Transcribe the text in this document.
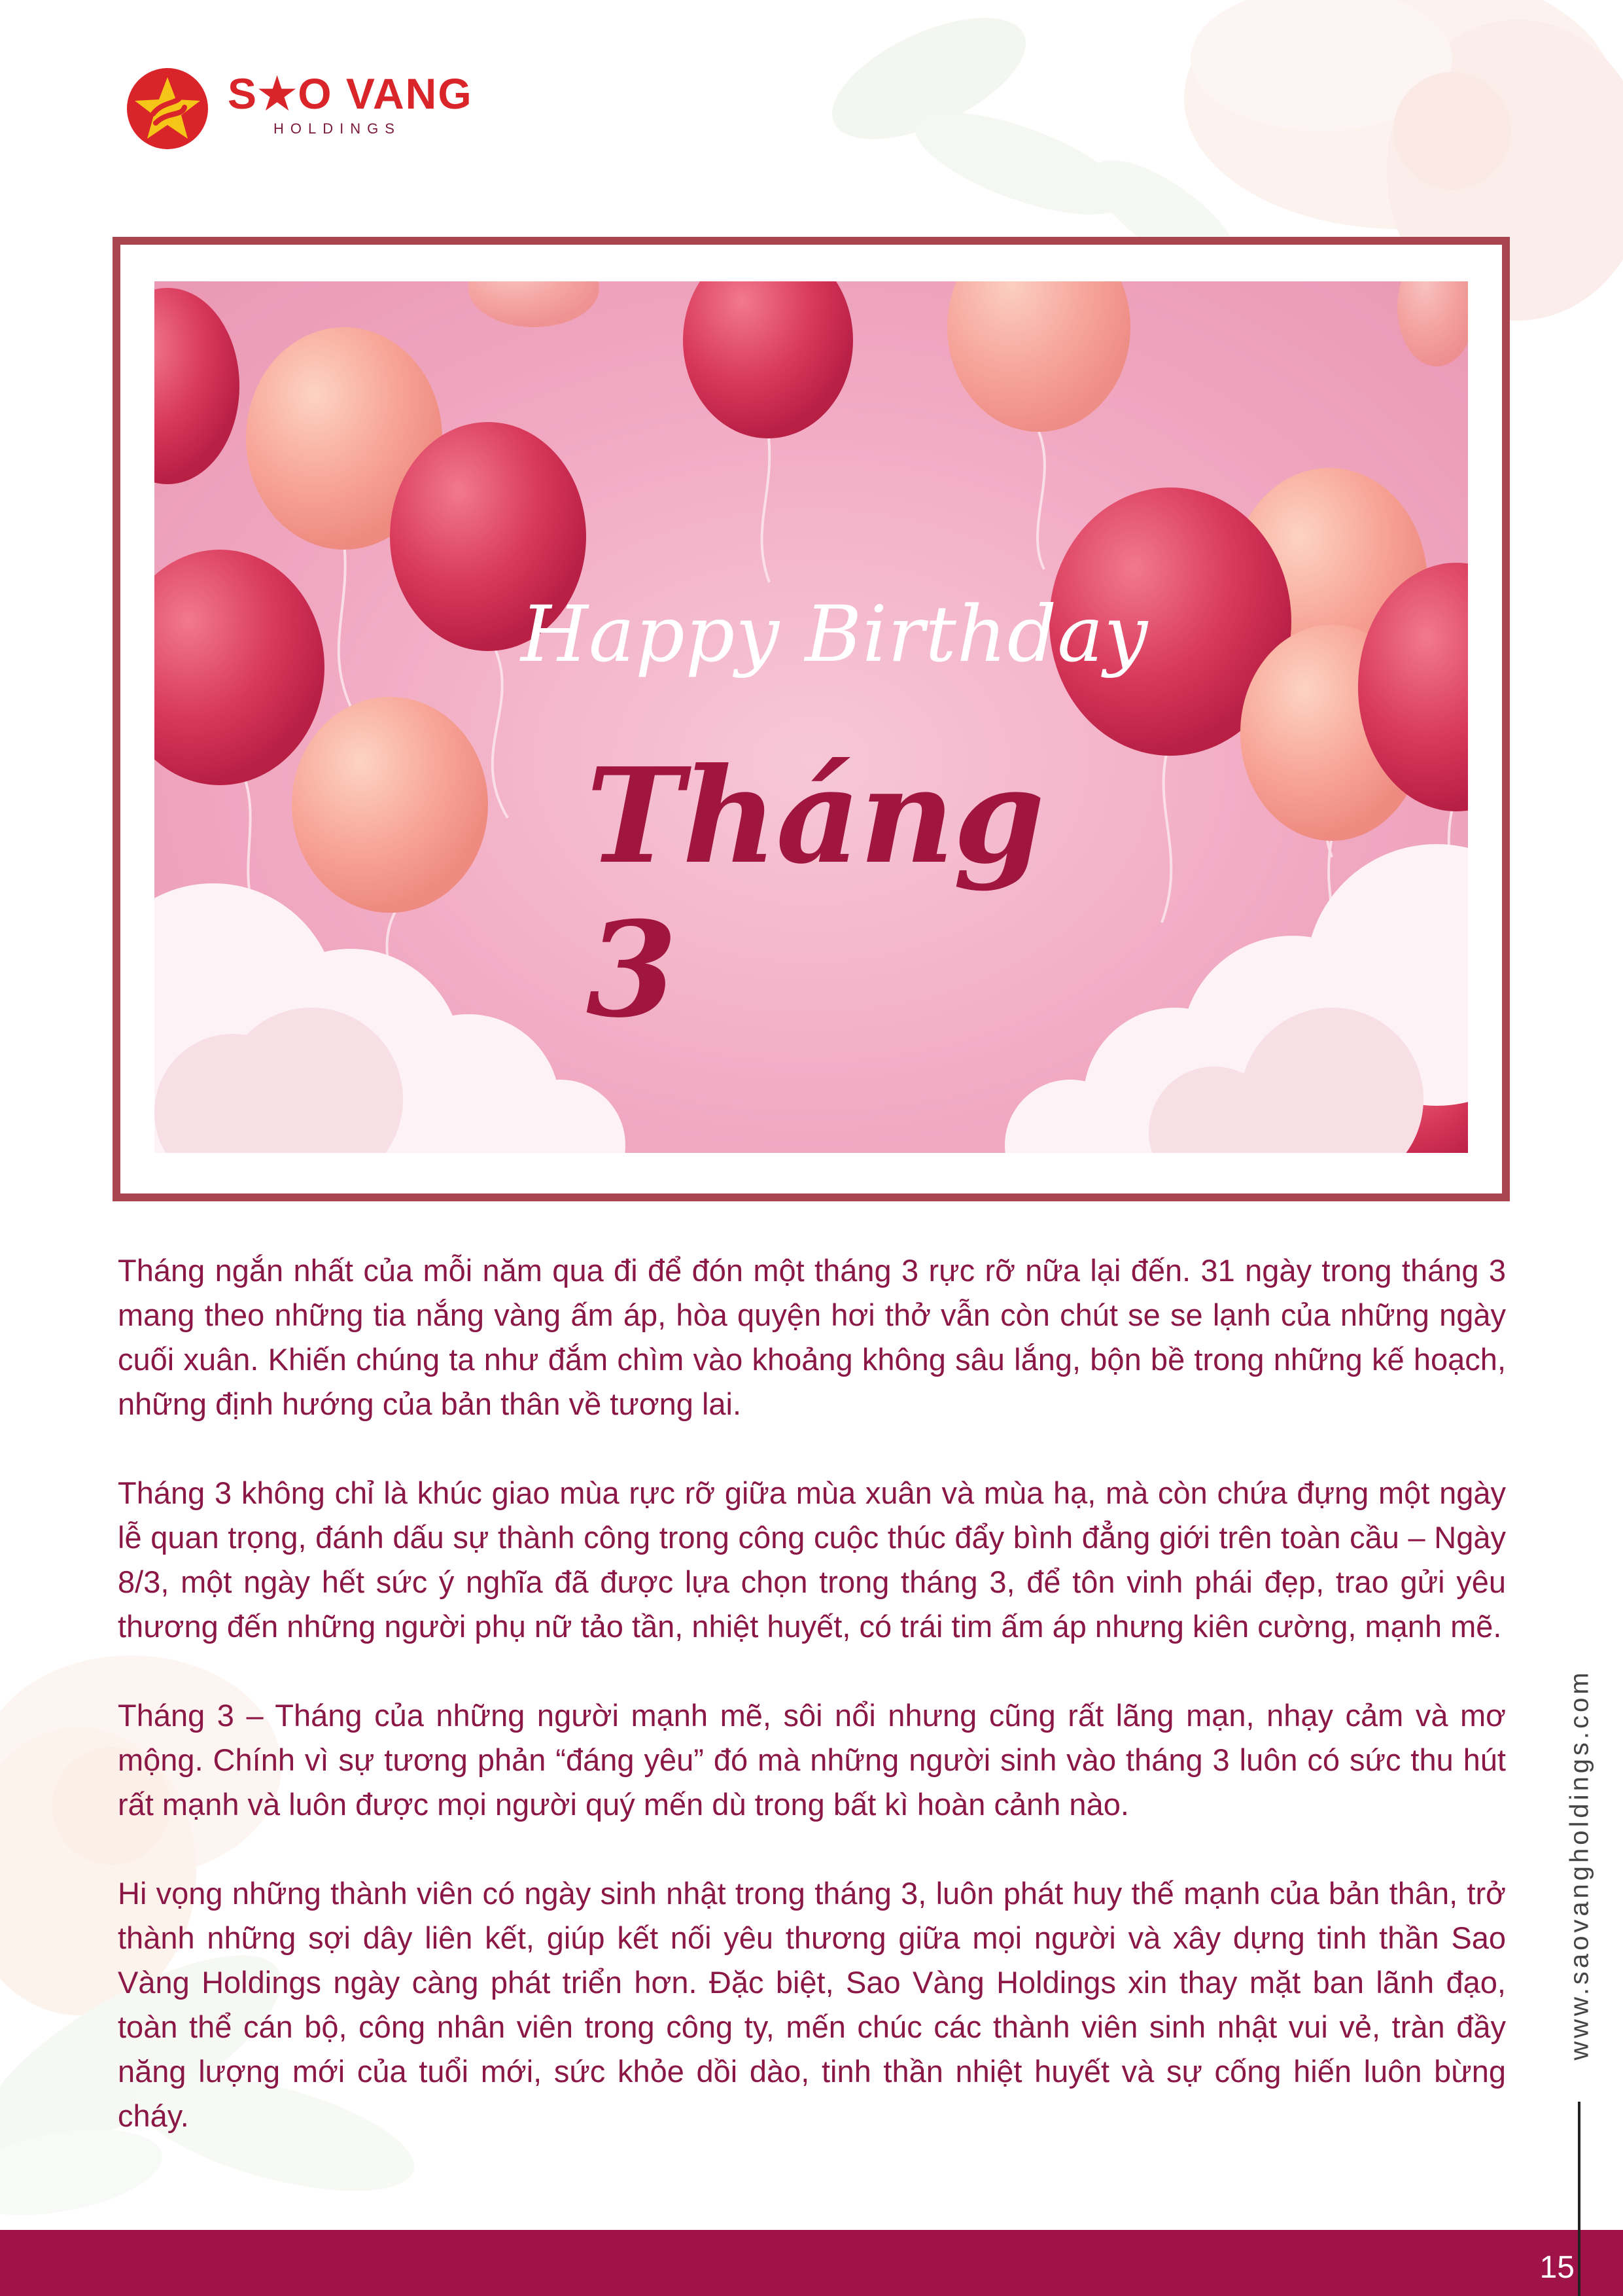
S★O VANG
HOLDINGS
Happy Birthday
Tháng 3

Tháng ngắn nhất của mỗi năm qua đi để đón một tháng 3 rực rỡ nữa lại đến. 31 ngày trong tháng 3 mang theo những tia nắng vàng ấm áp, hòa quyện hơi thở vẫn còn chút se se lạnh của những ngày cuối xuân. Khiến chúng ta như đắm chìm vào khoảng không sâu lắng, bộn bề trong những kế hoạch, những định hướng của bản thân về tương lai.

Tháng 3 không chỉ là khúc giao mùa rực rỡ giữa mùa xuân và mùa hạ, mà còn chứa đựng một ngày lễ quan trọng, đánh dấu sự thành công trong công cuộc thúc đẩy bình đẳng giới trên toàn cầu – Ngày 8/3, một ngày hết sức ý nghĩa đã được lựa chọn trong tháng 3, để tôn vinh phái đẹp, trao gửi yêu thương đến những người phụ nữ tảo tần, nhiệt huyết, có trái tim ấm áp nhưng kiên cường, mạnh mẽ.

Tháng 3 – Tháng của những người mạnh mẽ, sôi nổi nhưng cũng rất lãng mạn, nhạy cảm và mơ mộng. Chính vì sự tương phản “đáng yêu” đó mà những người sinh vào tháng 3 luôn có sức thu hút rất mạnh và luôn được mọi người quý mến dù trong bất kì hoàn cảnh nào.

Hi vọng những thành viên có ngày sinh nhật trong tháng 3, luôn phát huy thế mạnh của bản thân, trở thành những sợi dây liên kết, giúp kết nối yêu thương giữa mọi người và xây dựng tinh thần Sao Vàng Holdings ngày càng phát triển hơn. Đặc biệt, Sao Vàng Holdings xin thay mặt ban lãnh đạo, toàn thể cán bộ, công nhân viên trong công ty, mến chúc các thành viên sinh nhật vui vẻ, tràn đầy năng lượng mới của tuổi mới, sức khỏe dồi dào, tinh thần nhiệt huyết và sự cống hiến luôn bừng cháy.

www.saovangholdings.com
15
